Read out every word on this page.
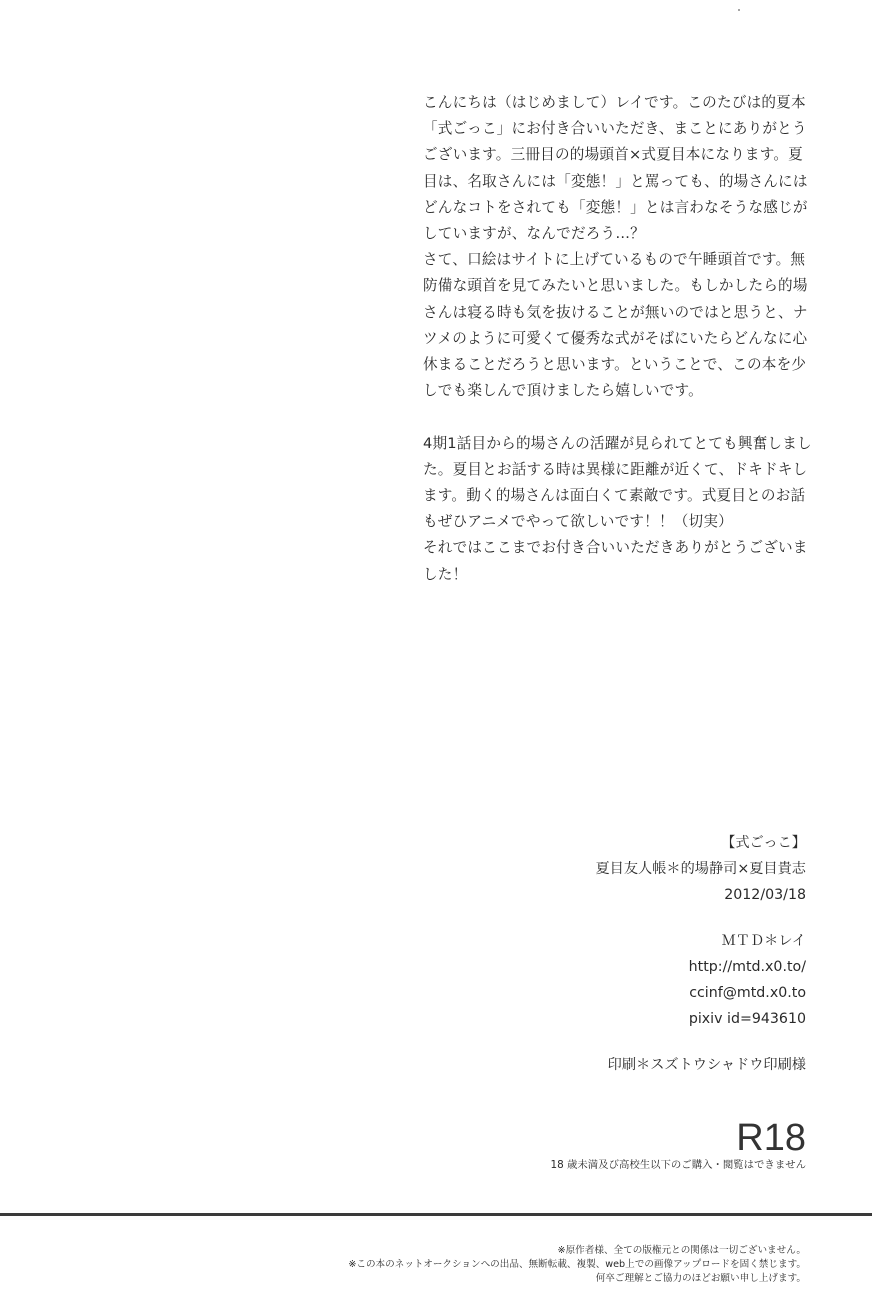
こんにちは（はじめまして）レイです。このたびは的夏本
「式ごっこ」にお付き合いいただき、まことにありがとう
ございます。三冊目の的場頭首×式夏目本になります。夏
目は、名取さんには「変態！」と罵っても、的場さんには
どんなコトをされても「変態！」とは言わなそうな感じが
していますが、なんでだろう…？
さて、口絵はサイトに上げているもので午睡頭首です。無
防備な頭首を見てみたいと思いました。もしかしたら的場
さんは寝る時も気を抜けることが無いのではと思うと、ナ
ツメのように可愛くて優秀な式がそばにいたらどんなに心
休まることだろうと思います。ということで、この本を少
しでも楽しんで頂けましたら嬉しいです。
4期1話目から的場さんの活躍が見られてとても興奮しまし
た。夏目とお話する時は異様に距離が近くて、ドキドキし
ます。動く的場さんは面白くて素敵です。式夏目とのお話
もぜひアニメでやって欲しいです！！（切実）
それではここまでお付き合いいただきありがとうございま
した！
【式ごっこ】
夏目友人帳＊的場静司×夏目貴志
2012/03/18
ＭＴＤ＊レイ
http://mtd.x0.to/
ccinf@mtd.x0.to
pixiv id=943610
印刷＊スズトウシャドウ印刷様
R18
18 歳未満及び高校生以下のご購入・閲覧はできません
※原作者様、全ての版権元との関係は一切ございません。
※この本のネットオークションへの出品、無断転載、複製、web上での画像アップロードを固く禁じます。
何卒ご理解とご協力のほどお願い申し上げます。
